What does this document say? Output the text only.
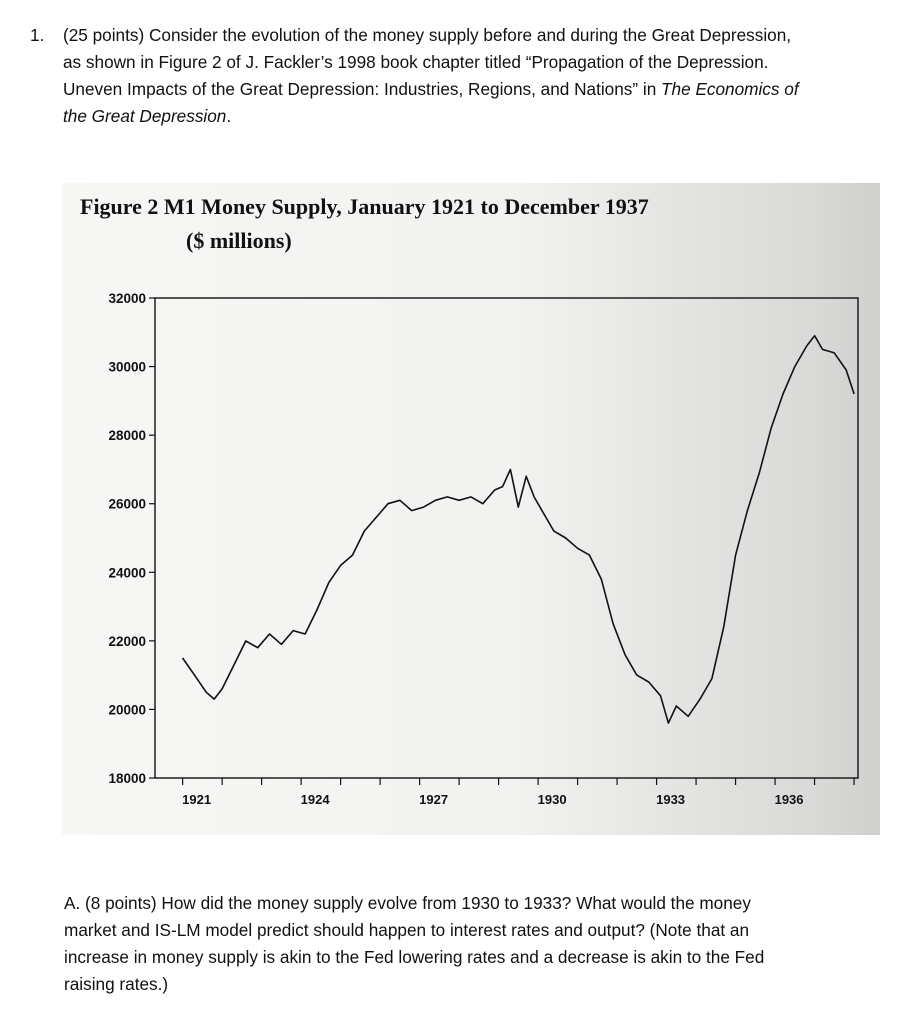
1. (25 points) Consider the evolution of the money supply before and during the Great Depression,
as shown in Figure 2 of J. Fackler’s 1998 book chapter titled “Propagation of the Depression.
Uneven Impacts of the Great Depression: Industries, Regions, and Nations” in The Economics of
the Great Depression.
Figure 2 M1 Money Supply, January 1921 to December 1937
($ millions)
32000
30000
28000
26000
24000
22000
20000
18000
1921	1924	1927	1930	1933	1936
A. (8 points) How did the money supply evolve from 1930 to 1933? What would the money
market and IS-LM model predict should happen to interest rates and output? (Note that an
increase in money supply is akin to the Fed lowering rates and a decrease is akin to the Fed
raising rates.)
